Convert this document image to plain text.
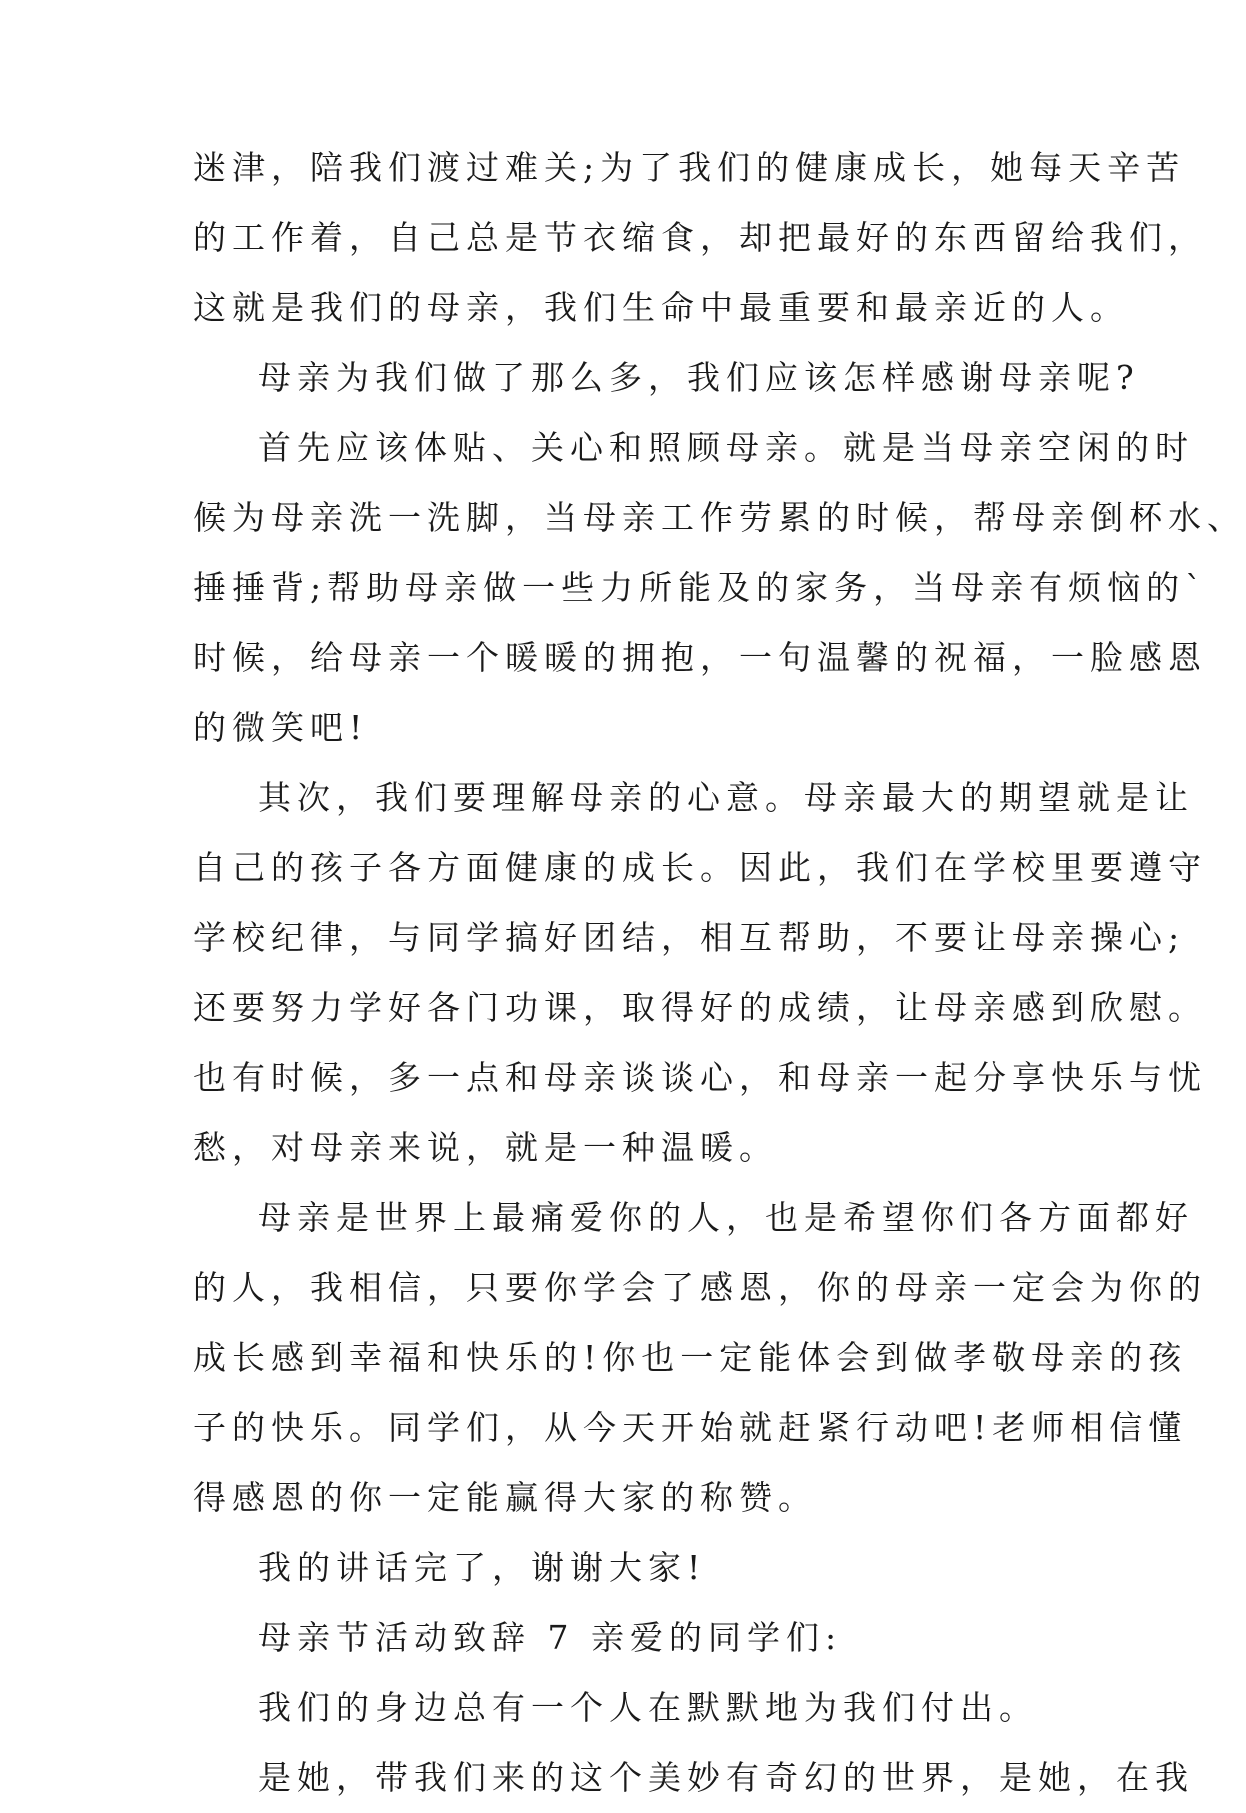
迷津，陪我们渡过难关;为了我们的健康成长，她每天辛苦
的工作着，自己总是节衣缩食，却把最好的东西留给我们，
这就是我们的母亲，我们生命中最重要和最亲近的人。
母亲为我们做了那么多，我们应该怎样感谢母亲呢?
首先应该体贴、关心和照顾母亲。就是当母亲空闲的时
候为母亲洗一洗脚，当母亲工作劳累的时候，帮母亲倒杯水、
捶捶背;帮助母亲做一些力所能及的家务，当母亲有烦恼的`
时候，给母亲一个暖暖的拥抱，一句温馨的祝福，一脸感恩
的微笑吧!
其次，我们要理解母亲的心意。母亲最大的期望就是让
自己的孩子各方面健康的成长。因此，我们在学校里要遵守
学校纪律，与同学搞好团结，相互帮助，不要让母亲操心;
还要努力学好各门功课，取得好的成绩，让母亲感到欣慰。
也有时候，多一点和母亲谈谈心，和母亲一起分享快乐与忧
愁，对母亲来说，就是一种温暖。
母亲是世界上最痛爱你的人，也是希望你们各方面都好
的人，我相信，只要你学会了感恩，你的母亲一定会为你的
成长感到幸福和快乐的!你也一定能体会到做孝敬母亲的孩
子的快乐。同学们，从今天开始就赶紧行动吧!老师相信懂
得感恩的你一定能赢得大家的称赞。
我的讲话完了，谢谢大家!
母亲节活动致辞 7 亲爱的同学们:
我们的身边总有一个人在默默地为我们付出。
是她，带我们来的这个美妙有奇幻的世界，是她，在我
